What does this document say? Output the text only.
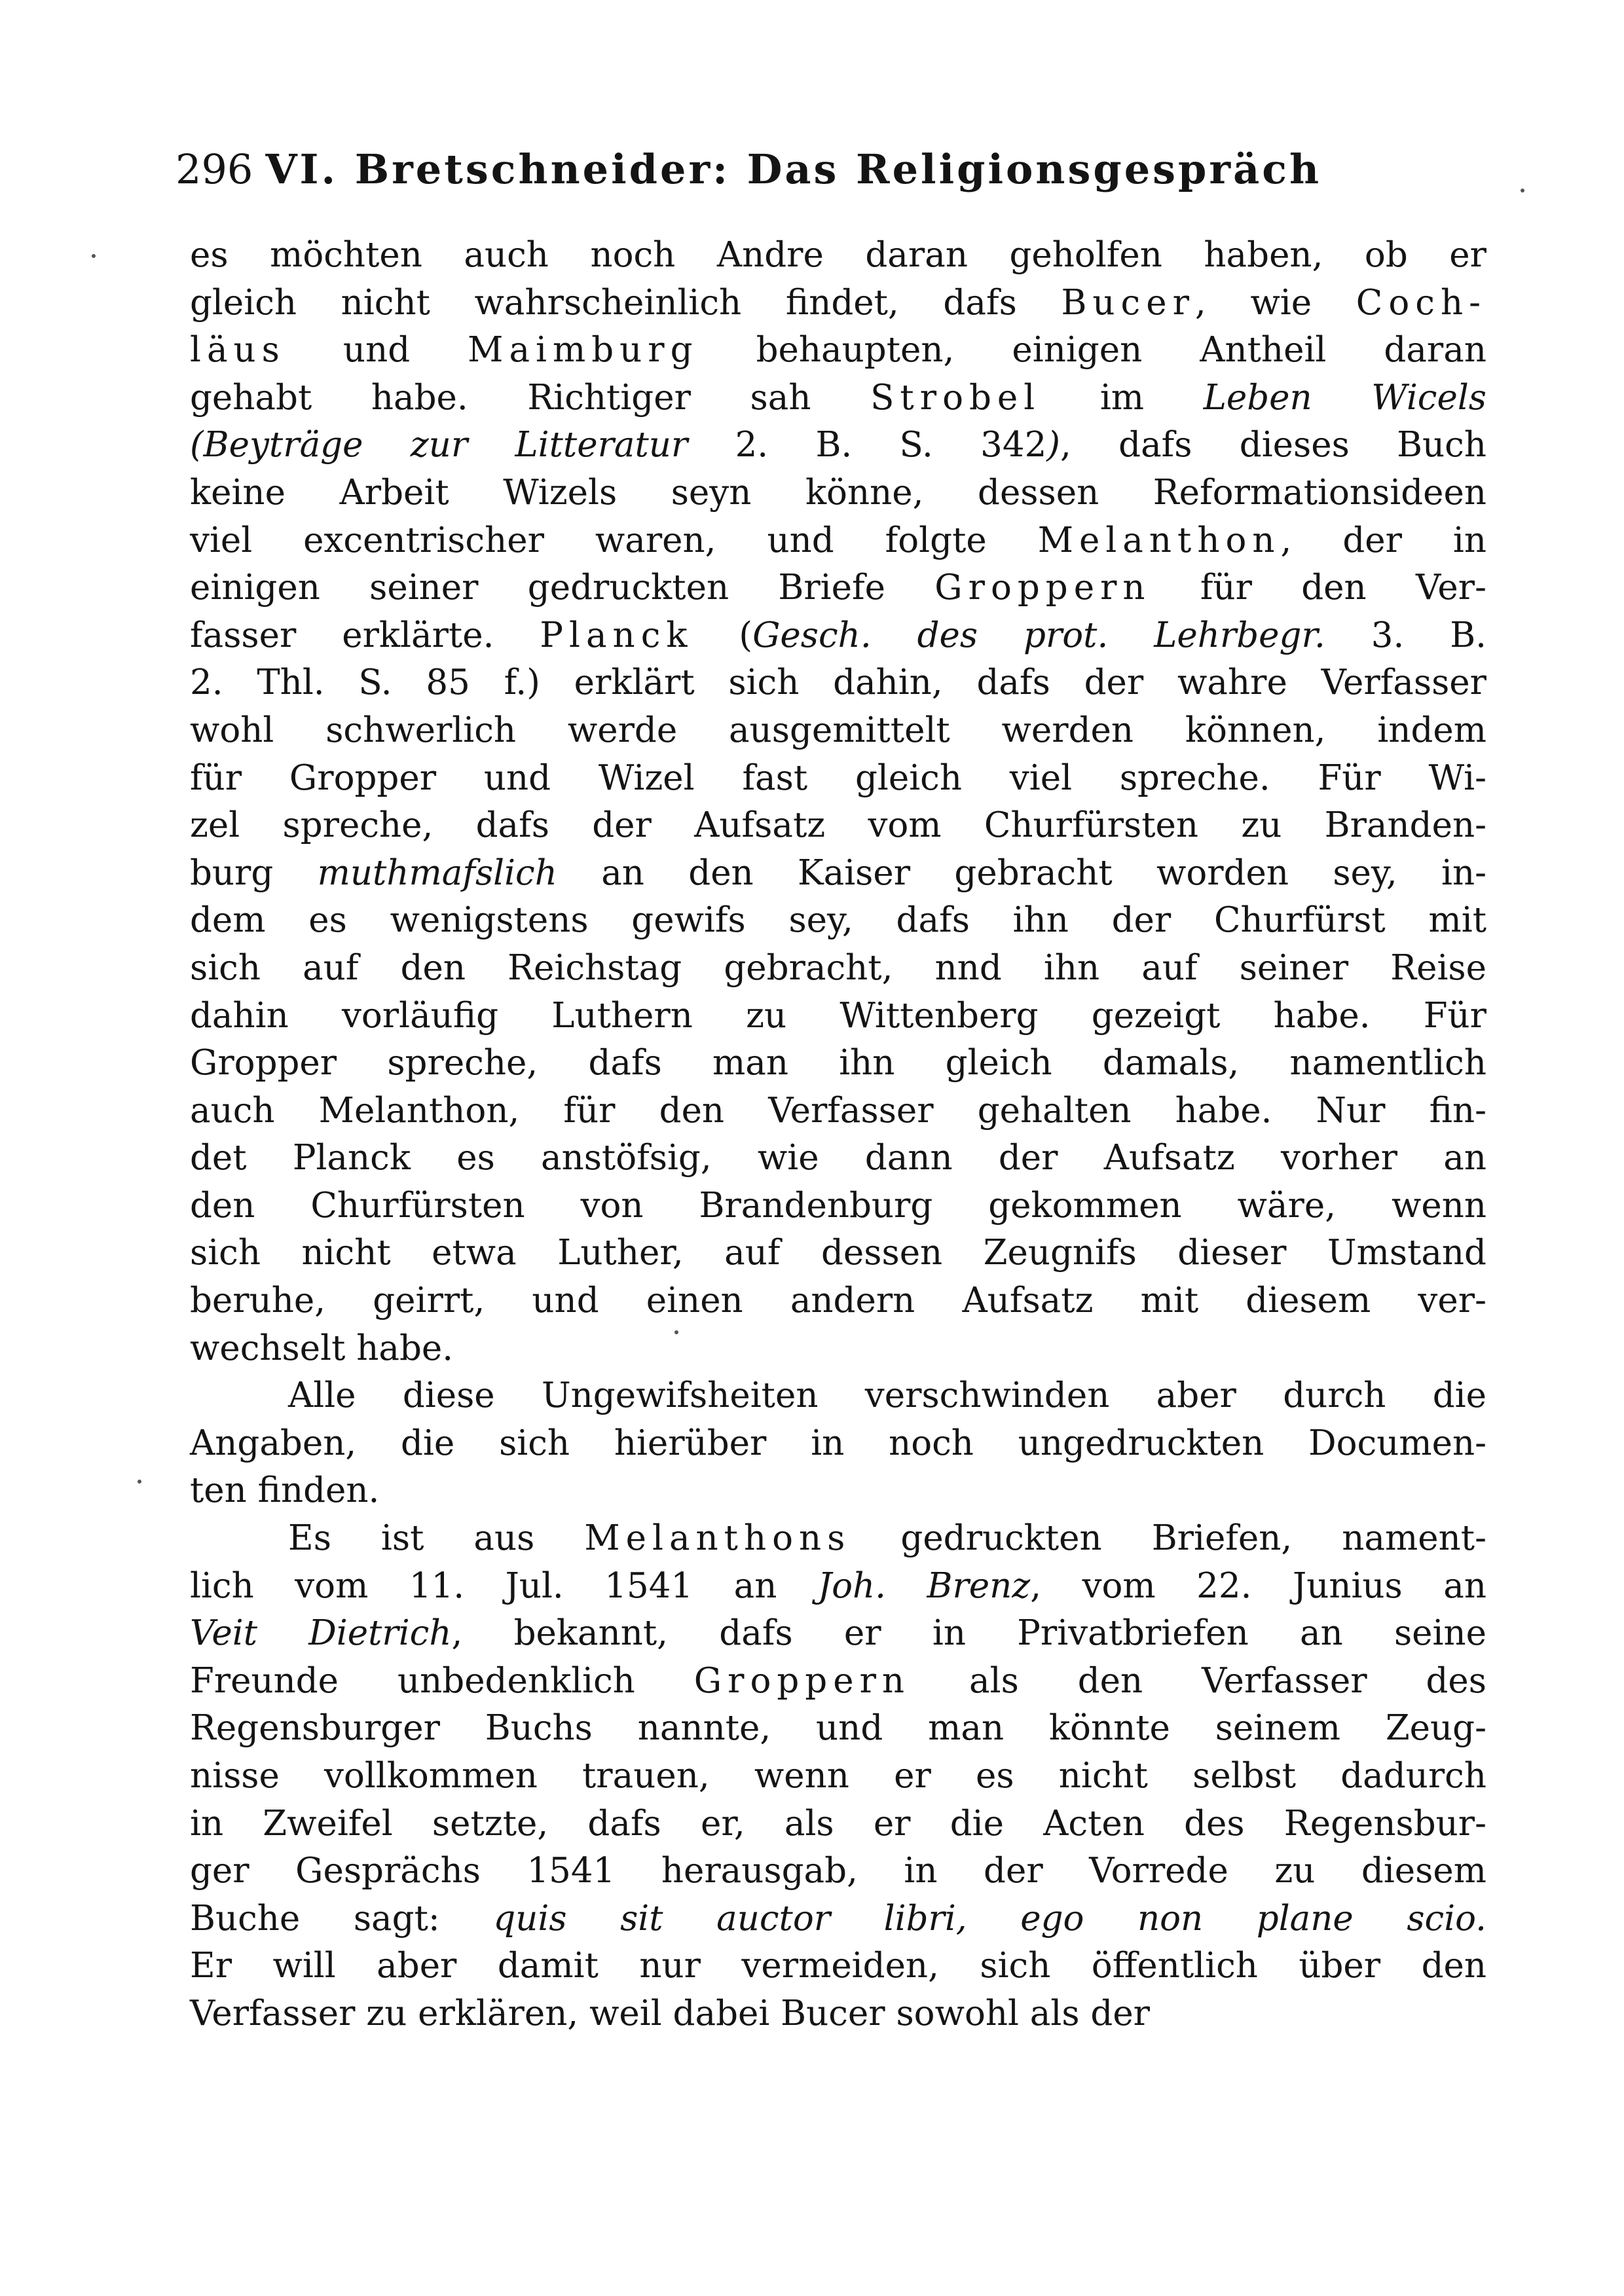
296 VI. Bretschneider: Das Religionsgespräch
es möchten auch noch Andre daran geholfen haben, ob er
gleich nicht wahrscheinlich findet, dafs Bucer, wie Coch-
läus und Maimburg behaupten, einigen Antheil daran
gehabt habe. Richtiger sah Strobel im Leben Wicels
(Beyträge zur Litteratur 2. B. S. 342), dafs dieses Buch
keine Arbeit Wizels seyn könne, dessen Reformationsideen
viel excentrischer waren, und folgte Melanthon, der in
einigen seiner gedruckten Briefe Groppern für den Ver-
fasser erklärte. Planck (Gesch. des prot. Lehrbegr. 3. B.
2. Thl. S. 85 f.) erklärt sich dahin, dafs der wahre Verfasser
wohl schwerlich werde ausgemittelt werden können, indem
für Gropper und Wizel fast gleich viel spreche. Für Wi-
zel spreche, dafs der Aufsatz vom Churfürsten zu Branden-
burg muthmafslich an den Kaiser gebracht worden sey, in-
dem es wenigstens gewifs sey, dafs ihn der Churfürst mit
sich auf den Reichstag gebracht, nnd ihn auf seiner Reise
dahin vorläufig Luthern zu Wittenberg gezeigt habe. Für
Gropper spreche, dafs man ihn gleich damals, namentlich
auch Melanthon, für den Verfasser gehalten habe. Nur fin-
det Planck es anstöfsig, wie dann der Aufsatz vorher an
den Churfürsten von Brandenburg gekommen wäre, wenn
sich nicht etwa Luther, auf dessen Zeugnifs dieser Umstand
beruhe, geirrt, und einen andern Aufsatz mit diesem ver-
wechselt habe.
Alle diese Ungewifsheiten verschwinden aber durch die
Angaben, die sich hierüber in noch ungedruckten Documen-
ten finden.
Es ist aus Melanthons gedruckten Briefen, nament-
lich vom 11. Jul. 1541 an Joh. Brenz, vom 22. Junius an
Veit Dietrich, bekannt, dafs er in Privatbriefen an seine
Freunde unbedenklich Groppern als den Verfasser des
Regensburger Buchs nannte, und man könnte seinem Zeug-
nisse vollkommen trauen, wenn er es nicht selbst dadurch
in Zweifel setzte, dafs er, als er die Acten des Regensbur-
ger Gesprächs 1541 herausgab, in der Vorrede zu diesem
Buche sagt: quis sit auctor libri, ego non plane scio.
Er will aber damit nur vermeiden, sich öffentlich über den
Verfasser zu erklären, weil dabei Bucer sowohl als der
